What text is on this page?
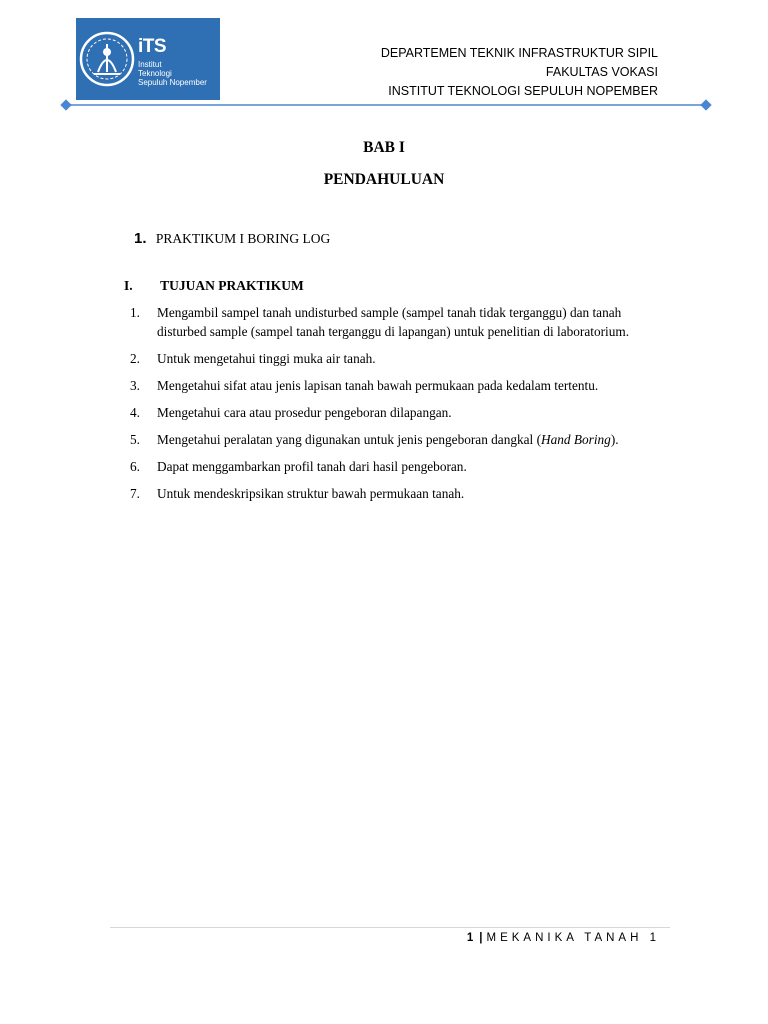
iTS
Institut
Teknologi
Sepuluh Nopember
DEPARTEMEN TEKNIK INFRASTRUKTUR SIPIL
FAKULTAS VOKASI
INSTITUT TEKNOLOGI SEPULUH NOPEMBER
BAB I
PENDAHULUAN
1. PRAKTIKUM I BORING LOG
I. TUJUAN PRAKTIKUM
1.	Mengambil sampel tanah undisturbed sample (sampel tanah tidak terganggu) dan tanah disturbed sample (sampel tanah terganggu di lapangan) untuk penelitian di laboratorium.
2.	Untuk mengetahui tinggi muka air tanah.
3.	Mengetahui sifat atau jenis lapisan tanah bawah permukaan pada kedalam tertentu.
4.	Mengetahui cara atau prosedur pengeboran dilapangan.
5.	Mengetahui peralatan yang digunakan untuk jenis pengeboran dangkal (Hand Boring).
6.	Dapat menggambarkan profil tanah dari hasil pengeboran.
7.	Untuk mendeskripsikan struktur bawah permukaan tanah.
1 | MEKANIKA TANAH 1
